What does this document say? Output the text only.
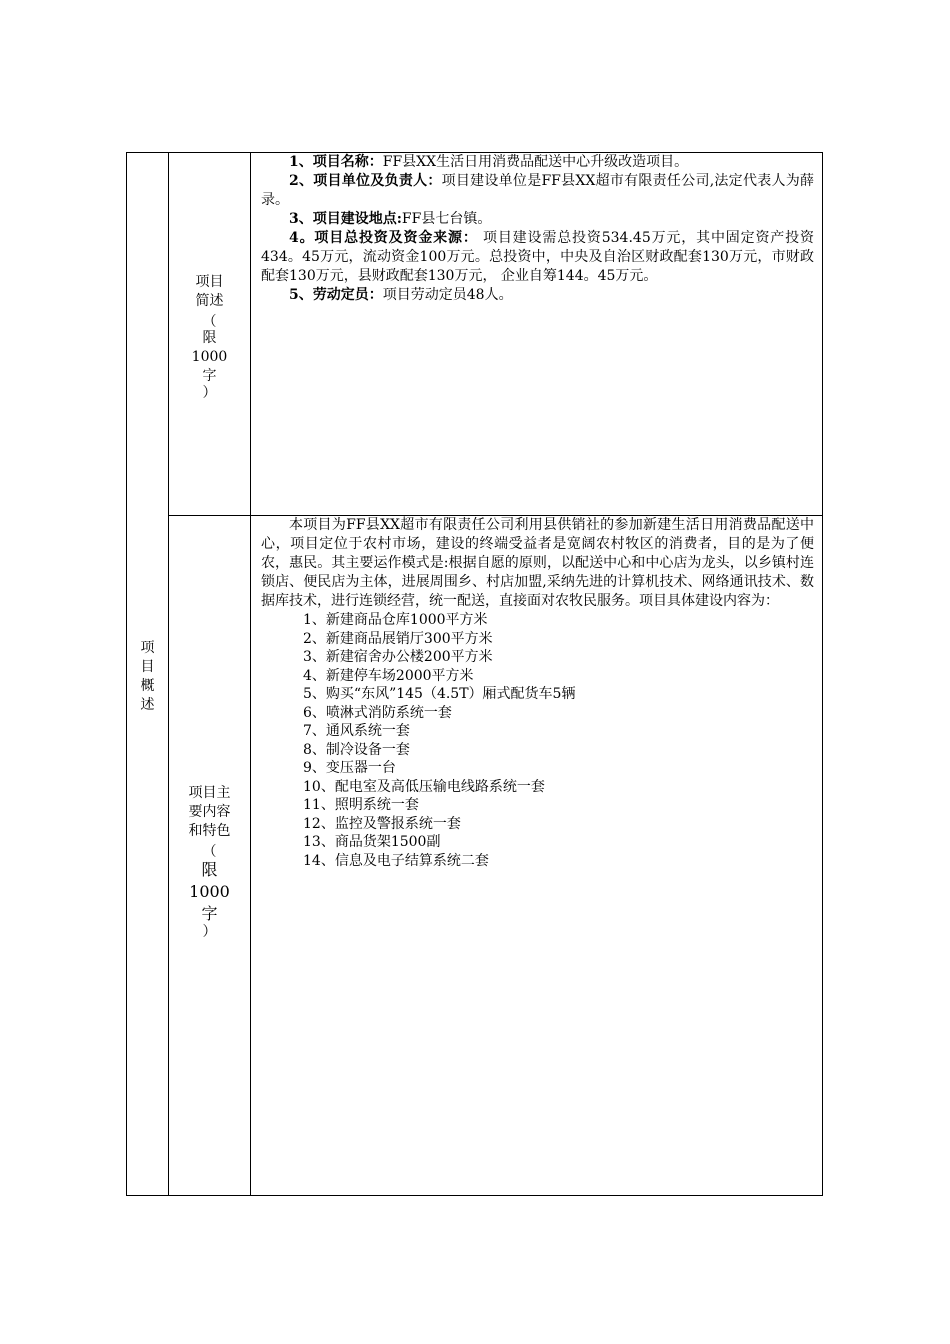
项
目
概
述
项目
简述
（
限
1000
字
）

1、项目名称：FF县XX生活日用消费品配送中心升级改造项目。

2、项目单位及负责人：项目建设单位是FF县XX超市有限责任公司,法定代表人为薛录。

3、项目建设地点:FF县七台镇。

4。项目总投资及资金来源： 项目建设需总投资534.45万元，其中固定资产投资434。45万元，流动资金100万元。总投资中，中央及自治区财政配套130万元，市财政配套130万元，县财政配套130万元， 企业自筹144。45万元。

5、劳动定员：项目劳动定员48人。

项目主
要内容
和特色
（
限
1000
字
）

本项目为FF县XX超市有限责任公司利用县供销社的参加新建生活日用消费品配送中心，项目定位于农村市场，建设的终端受益者是宽阔农村牧区的消费者，目的是为了便农，惠民。其主要运作模式是:根据自愿的原则，以配送中心和中心店为龙头，以乡镇村连锁店、便民店为主体，进展周围乡、村店加盟,采纳先进的计算机技术、网络通讯技术、数据库技术，进行连锁经营，统一配送，直接面对农牧民服务。项目具体建设内容为：

1、新建商品仓库1000平方米

2、新建商品展销厅300平方米

3、新建宿舍办公楼200平方米

4、新建停车场2000平方米

5、购买“东风”145（4.5T）厢式配货车5辆

6、喷淋式消防系统一套

7、通风系统一套

8、制冷设备一套

9、变压器一台

10、配电室及高低压输电线路系统一套

11、照明系统一套

12、监控及警报系统一套

13、商品货架1500副

14、信息及电子结算系统二套
